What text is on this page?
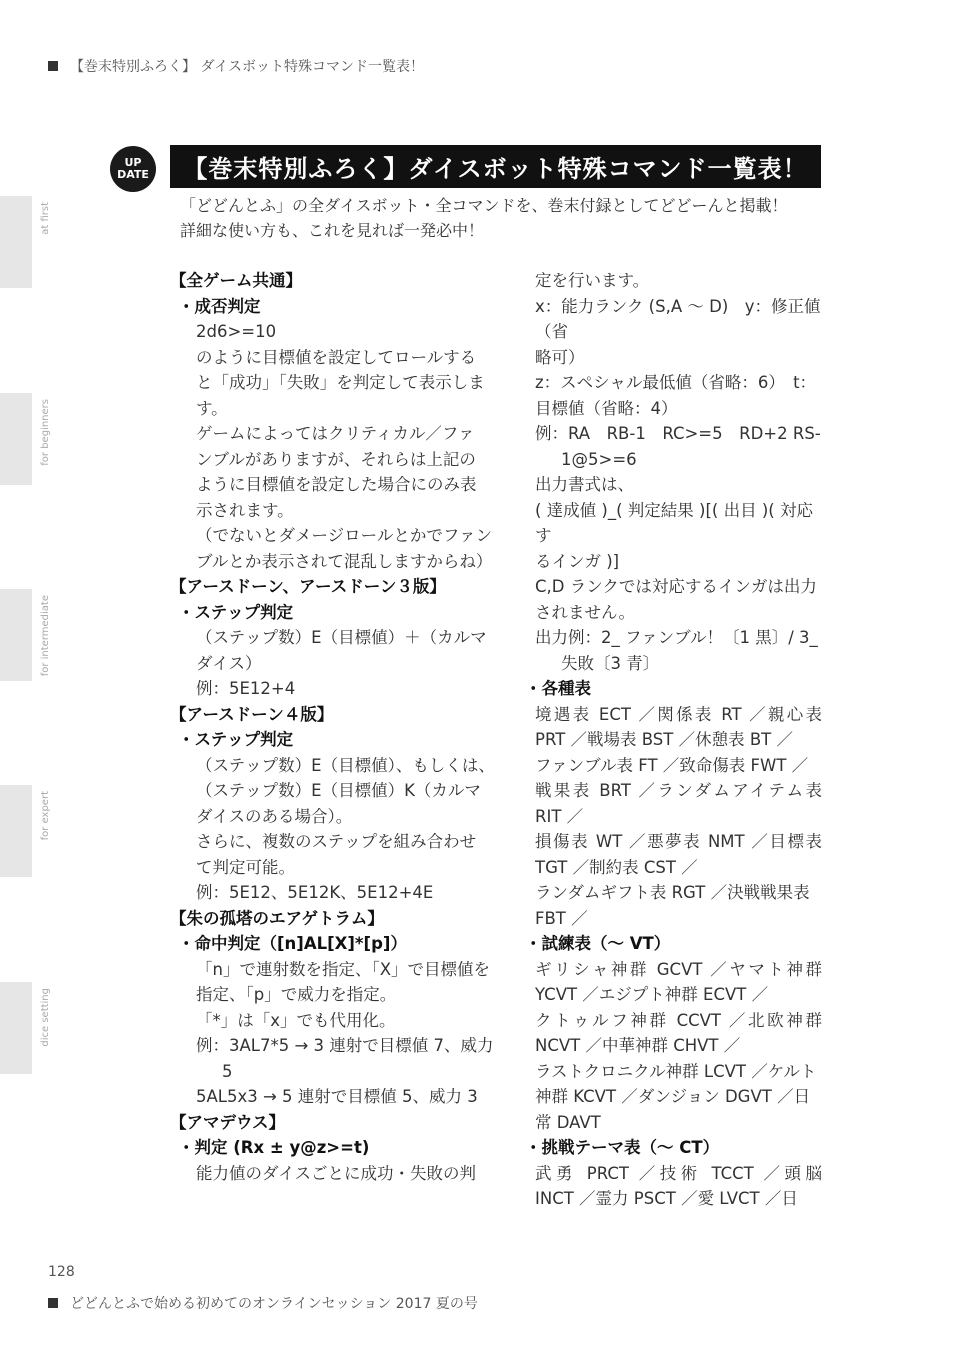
【巻末特別ふろく】 ダイスボット特殊コマンド一覧表！
at first
for beginners
for intermediate
for expert
dice setting
UP
DATE	【巻末特別ふろく】ダイスボット特殊コマンド一覧表！
「どどんとふ」の全ダイスボット・全コマンドを、巻末付録としてどどーんと掲載！
詳細な使い方も、これを見れば一発必中！
【全ゲーム共通】
・成否判定
2d6>=10
のように目標値を設定してロールする
と「成功」「失敗」を判定して表示します。
ゲームによってはクリティカル／ファ
ンブルがありますが、それらは上記の
ように目標値を設定した場合にのみ表
示されます。
（でないとダメージロールとかでファン
ブルとか表示されて混乱しますからね）
【アースドーン、アースドーン３版】
・ステップ判定
（ステップ数）E（目標値）＋（カルマ
ダイス）
例：5E12+4
【アースドーン４版】
・ステップ判定
（ステップ数）E（目標値）、もしくは、
（ステップ数）E（目標値）K（カルマ
ダイスのある場合）。
さらに、複数のステップを組み合わせ
て判定可能。
例：5E12、5E12K、5E12+4E
【朱の孤塔のエアゲトラム】
・命中判定（[n]AL[X]*[p]）
「n」で連射数を指定、「X」で目標値を
指定、「p」で威力を指定。
「*」は「x」でも代用化。
例：3AL7*5 → 3 連射で目標値 7、威力 5
5AL5x3 → 5 連射で目標値 5、威力 3
【アマデウス】
・判定 (Rx ± y@z>=t)
能力値のダイスごとに成功・失敗の判
定を行います。
x：能力ランク (S,A ～ D)　y：修正値（省
略可）
z：スペシャル最低値（省略：6）　t：
目標値（省略：4）
例：RA　RB-1　RC>=5　RD+2 RS-1@5>=6
出力書式は、
( 達成値 )_( 判定結果 )[( 出目 )( 対応す
るインガ )]
C,D ランクでは対応するインガは出力
されません。
出力例：2_ ファンブル！〔1 黒〕/ 3_ 失敗〔3 青〕
・各種表
境遇表 ECT ／関係表 RT ／親心表
PRT ／戦場表 BST ／休憩表 BT ／
ファンブル表 FT ／致命傷表 FWT ／
戦果表 BRT ／ランダムアイテム表
RIT ／
損傷表 WT ／悪夢表 NMT ／目標表
TGT ／制約表 CST ／
ランダムギフト表 RGT ／決戦戦果表
FBT ／
・試練表（～ VT）
ギリシャ神群 GCVT ／ヤマト神群
YCVT ／エジプト神群 ECVT ／
クトゥルフ神群 CCVT ／北欧神群
NCVT ／中華神群 CHVT ／
ラストクロニクル神群 LCVT ／ケルト
神群 KCVT ／ダンジョン DGVT ／日
常 DAVT
・挑戦テーマ表（～ CT）
武勇 PRCT ／技術 TCCT ／頭脳
INCT ／霊力 PSCT ／愛 LVCT ／日
128
どどんとふで始める初めてのオンラインセッション 2017 夏の号
